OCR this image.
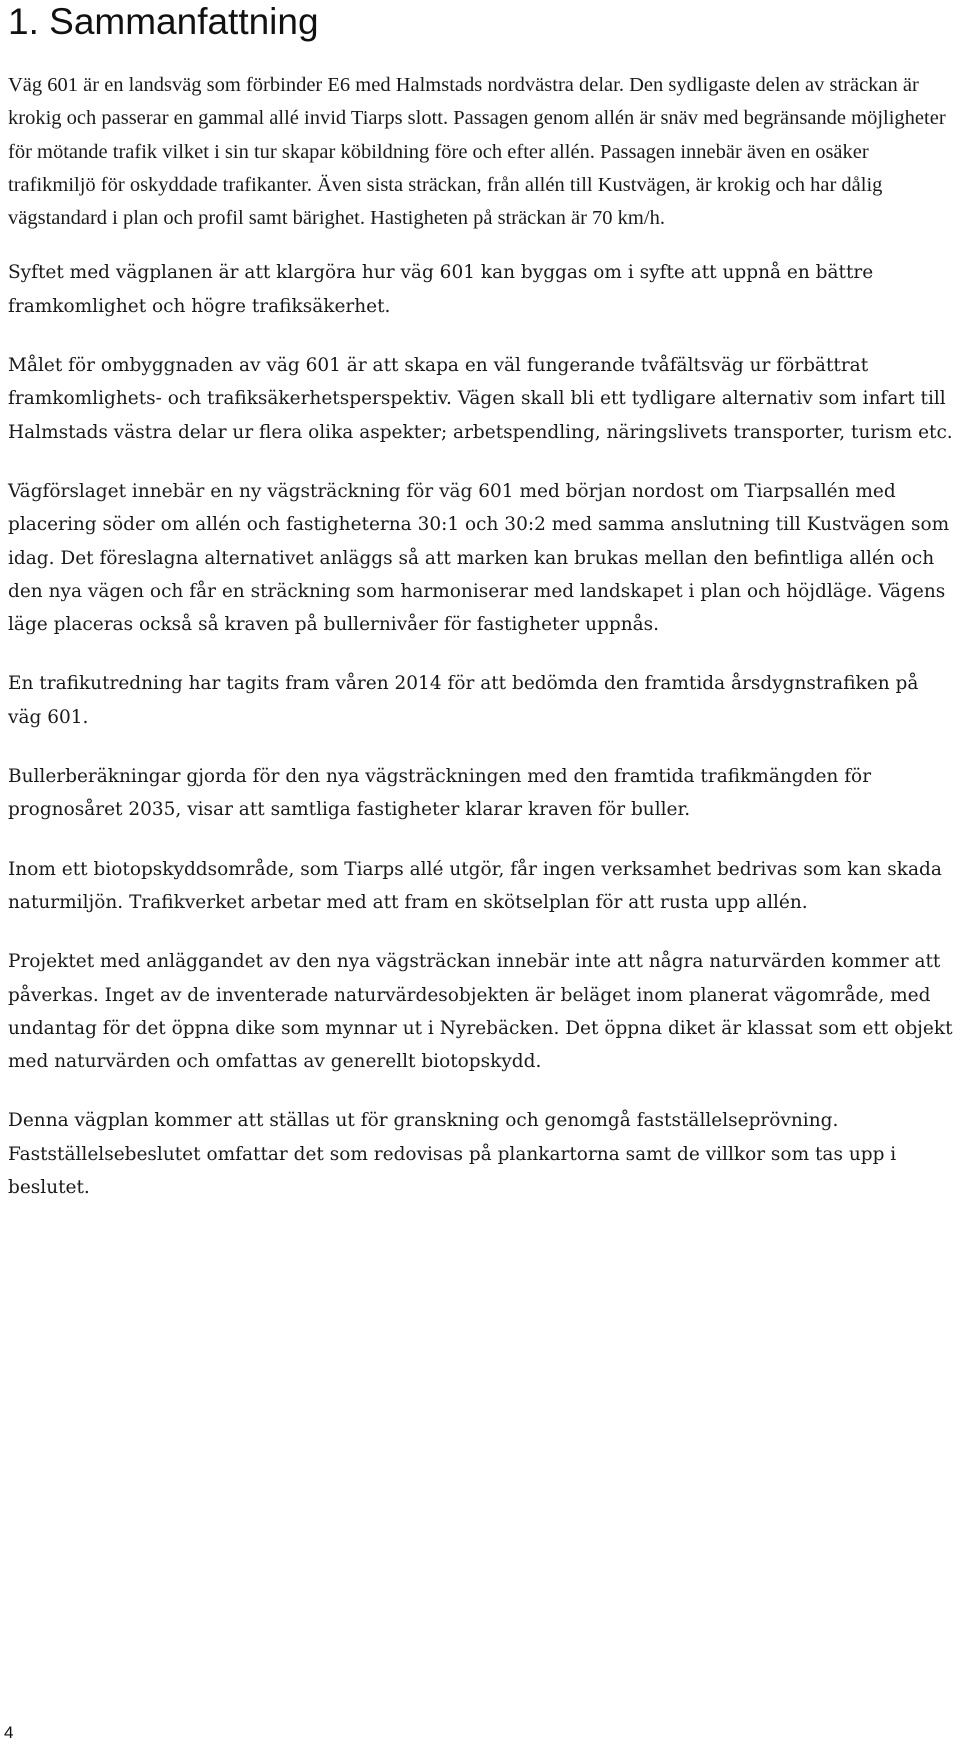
1. Sammanfattning

Väg 601 är en landsväg som förbinder E6 med Halmstads nordvästra delar. Den sydligaste delen av sträckan är krokig och passerar en gammal allé invid Tiarps slott. Passagen genom allén är snäv med begränsande möjligheter för mötande trafik vilket i sin tur skapar köbildning före och efter allén. Passagen innebär även en osäker trafikmiljö för oskyddade trafikanter. Även sista sträckan, från allén till Kustvägen, är krokig och har dålig vägstandard i plan och profil samt bärighet. Hastigheten på sträckan är 70 km/h.

Syftet med vägplanen är att klargöra hur väg 601 kan byggas om i syfte att uppnå en bättre framkomlighet och högre trafiksäkerhet.

Målet för ombyggnaden av väg 601 är att skapa en väl fungerande tvåfältsväg ur förbättrat framkomlighets- och trafiksäkerhetsperspektiv. Vägen skall bli ett tydligare alternativ som infart till Halmstads västra delar ur flera olika aspekter; arbetspendling, näringslivets transporter, turism etc.

Vägförslaget innebär en ny vägsträckning för väg 601 med början nordost om Tiarpsallén med placering söder om allén och fastigheterna 30:1 och 30:2 med samma anslutning till Kustvägen som idag. Det föreslagna alternativet anläggs så att marken kan brukas mellan den befintliga allén och den nya vägen och får en sträckning som harmoniserar med landskapet i plan och höjdläge. Vägens läge placeras också så kraven på bullernivåer för fastigheter uppnås.

En trafikutredning har tagits fram våren 2014 för att bedömda den framtida årsdygnstrafiken på väg 601.

Bullerberäkningar gjorda för den nya vägsträckningen med den framtida trafikmängden för prognosåret 2035, visar att samtliga fastigheter klarar kraven för buller.

Inom ett biotopskyddsområde, som Tiarps allé utgör, får ingen verksamhet bedrivas som kan skada naturmiljön. Trafikverket arbetar med att fram en skötselplan för att rusta upp allén.

Projektet med anläggandet av den nya vägsträckan innebär inte att några naturvärden kommer att påverkas. Inget av de inventerade naturvärdesobjekten är beläget inom planerat vägområde, med undantag för det öppna dike som mynnar ut i Nyrebäcken. Det öppna diket är klassat som ett objekt med naturvärden och omfattas av generellt biotopskydd.

Denna vägplan kommer att ställas ut för granskning och genomgå fastställelseprövning. Fastställelsebeslutet omfattar det som redovisas på plankartorna samt de villkor som tas upp i beslutet.

4
